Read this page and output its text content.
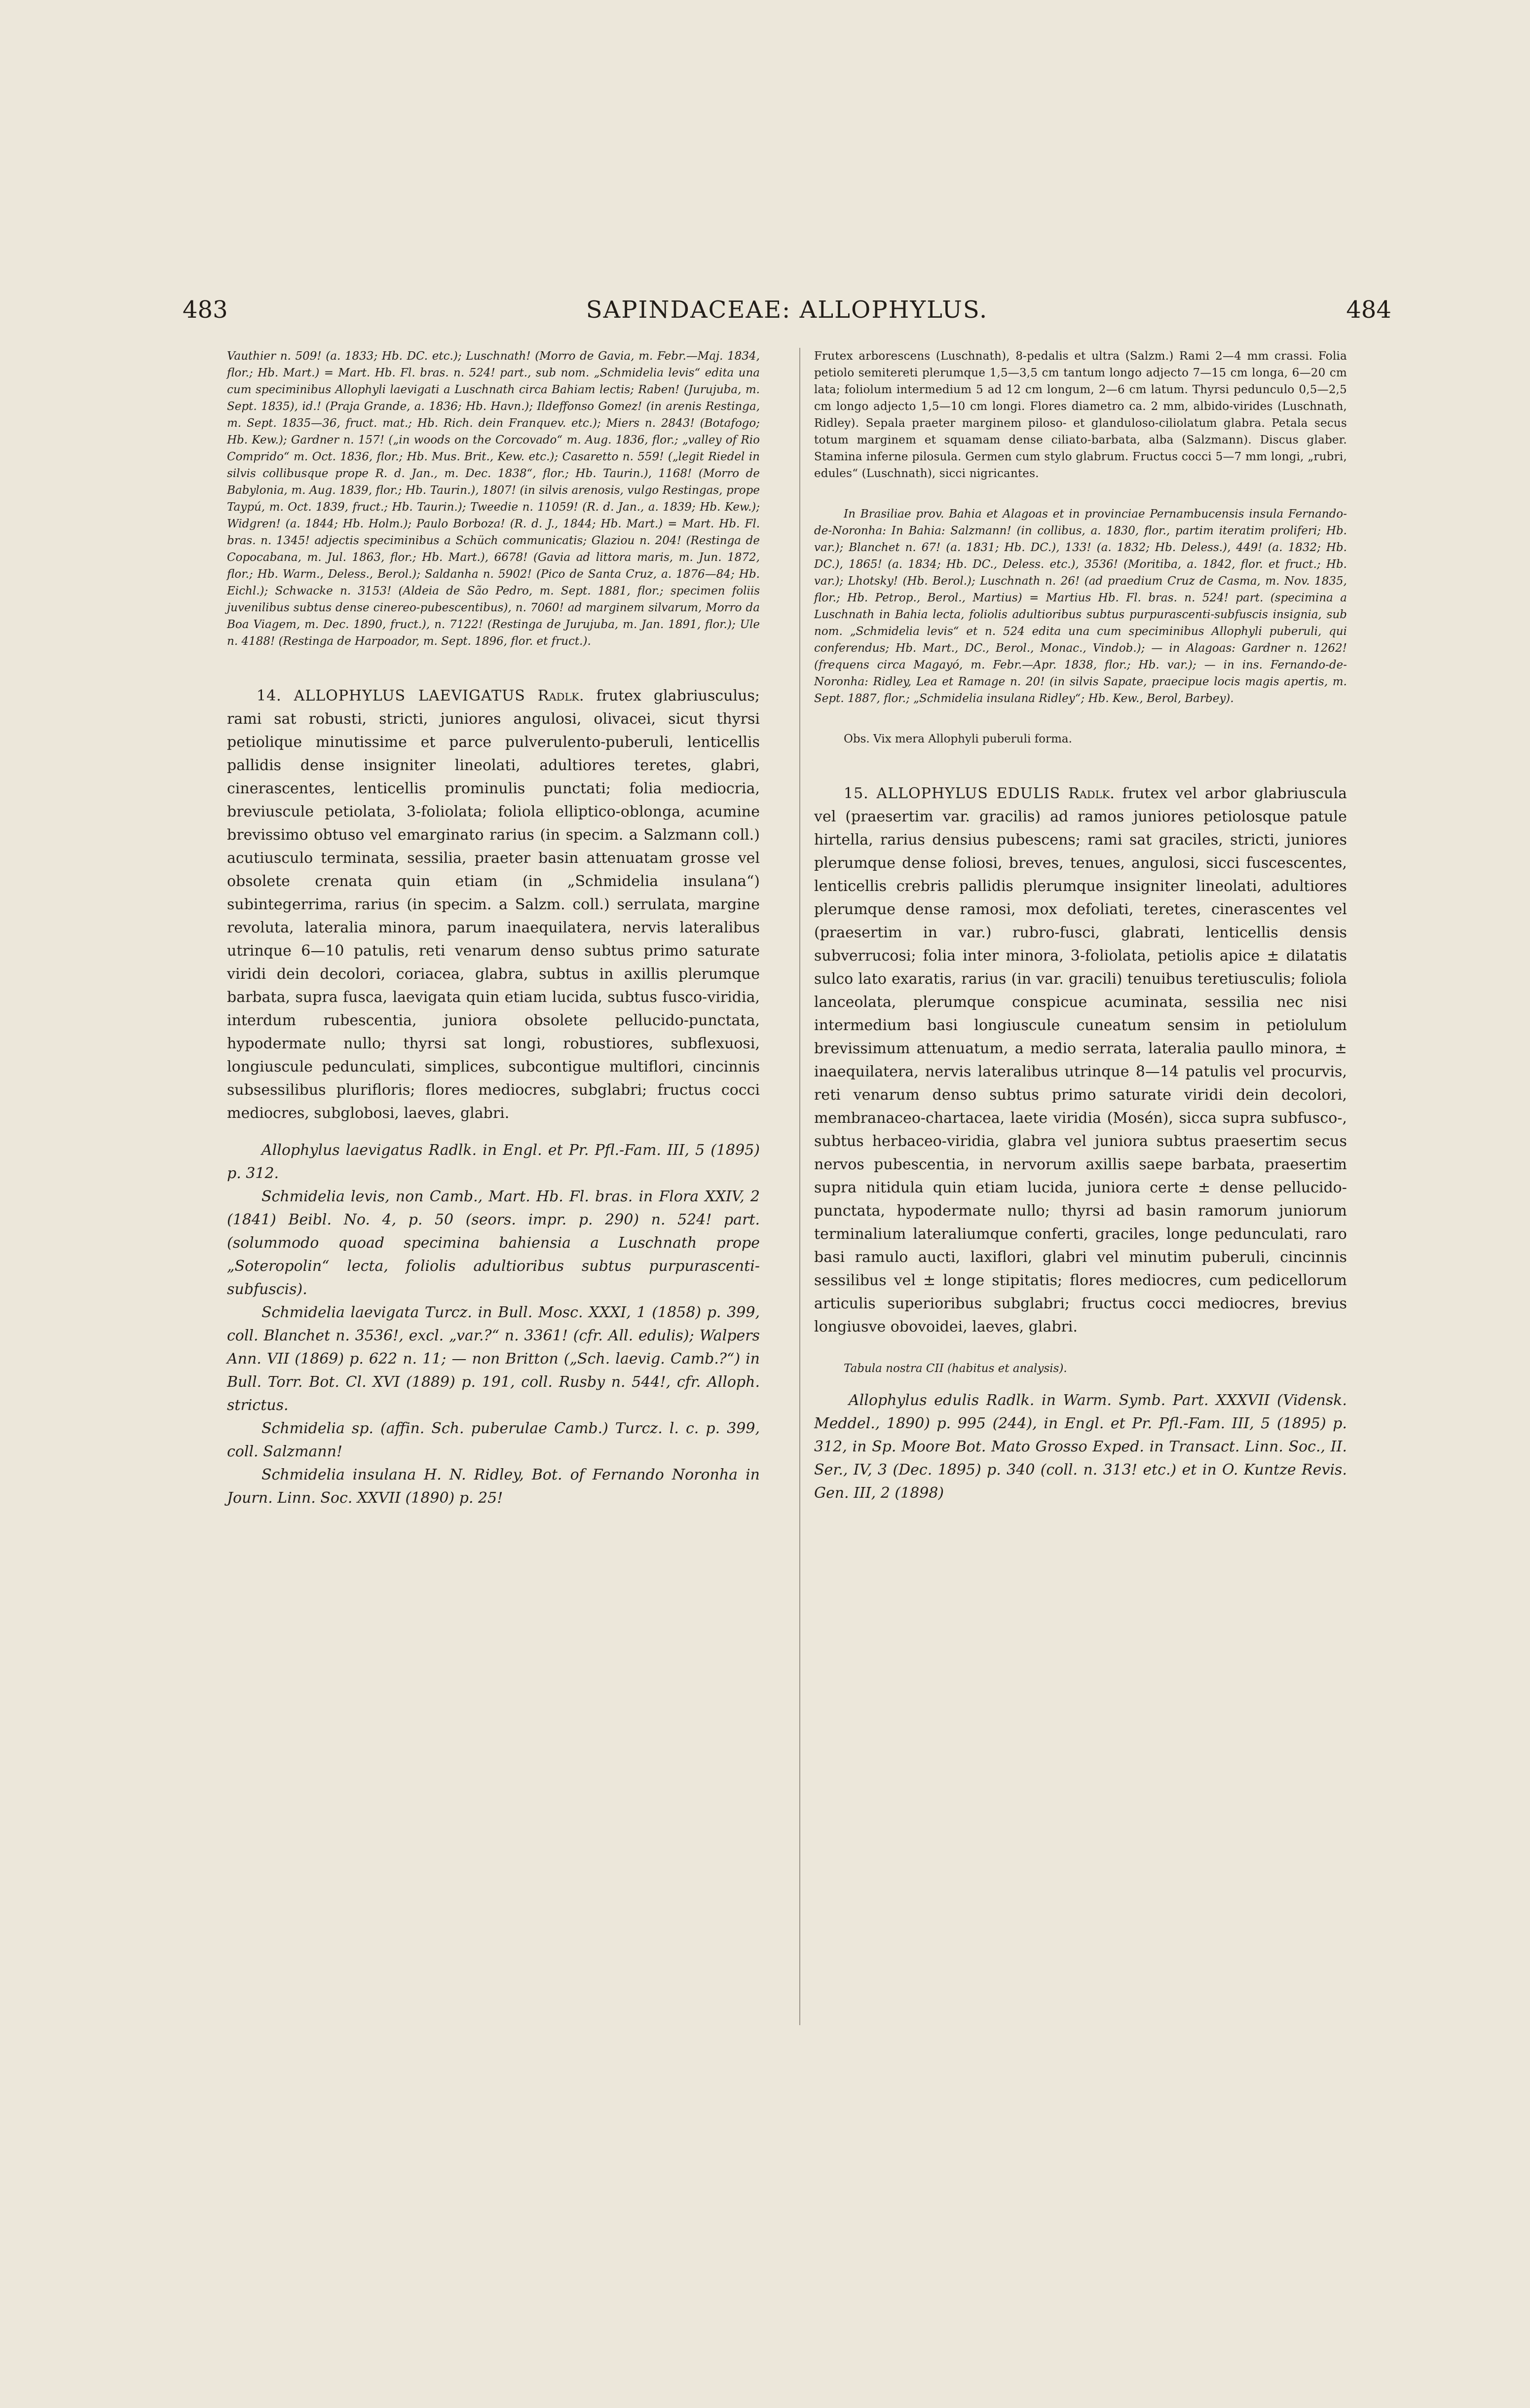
483	SAPINDACEAE: ALLOPHYLUS.	484

Vauthier n. 509! (a. 1833; Hb. DC. etc.); Luschnath! (Morro de Gavia, m. Febr.—Maj. 1834, flor.; Hb. Mart.) = Mart. Hb. Fl. bras. n. 524! part., sub nom. „Schmidelia levis“ edita una cum speciminibus Allophyli laevigati a Luschnath circa Bahiam lectis; Raben! (Jurujuba, m. Sept. 1835), id.! (Praja Grande, a. 1836; Hb. Havn.); Ildeffonso Gomez! (in arenis Restinga, m. Sept. 1835—36, fruct. mat.; Hb. Rich. dein Franquev. etc.); Miers n. 2843! (Botafogo; Hb. Kew.); Gardner n. 157! („in woods on the Corcovado“ m. Aug. 1836, flor.; „valley of Rio Comprido“ m. Oct. 1836, flor.; Hb. Mus. Brit., Kew. etc.); Casaretto n. 559! („legit Riedel in silvis collibusque prope R. d. Jan., m. Dec. 1838“, flor.; Hb. Taurin.), 1168! (Morro de Babylonia, m. Aug. 1839, flor.; Hb. Taurin.), 1807! (in silvis arenosis, vulgo Restingas, prope Taypú, m. Oct. 1839, fruct.; Hb. Taurin.); Tweedie n. 11059! (R. d. Jan., a. 1839; Hb. Kew.); Widgren! (a. 1844; Hb. Holm.); Paulo Borboza! (R. d. J., 1844; Hb. Mart.) = Mart. Hb. Fl. bras. n. 1345! adjectis speciminibus a Schüch communicatis; Glaziou n. 204! (Restinga de Copocabana, m. Jul. 1863, flor.; Hb. Mart.), 6678! (Gavia ad littora maris, m. Jun. 1872, flor.; Hb. Warm., Deless., Berol.); Saldanha n. 5902! (Pico de Santa Cruz, a. 1876—84; Hb. Eichl.); Schwacke n. 3153! (Aldeia de São Pedro, m. Sept. 1881, flor.; specimen foliis juvenilibus subtus dense cinereo-pubescentibus), n. 7060! ad marginem silvarum, Morro da Boa Viagem, m. Dec. 1890, fruct.), n. 7122! (Restinga de Jurujuba, m. Jan. 1891, flor.); Ule n. 4188! (Restinga de Harpoador, m. Sept. 1896, flor. et fruct.).

14. ALLOPHYLUS LAEVIGATUS Radlk. frutex glabriusculus; rami sat robusti, stricti, juniores angulosi, olivacei, sicut thyrsi petiolique minutissime et parce pulverulento-puberuli, lenticellis pallidis dense insigniter lineolati, adultiores teretes, glabri, cinerascentes, lenticellis prominulis punctati; folia mediocria, breviuscule petiolata, 3-foliolata; foliola elliptico-oblonga, acumine brevissimo obtuso vel emarginato rarius (in specim. a Salzmann coll.) acutiusculo terminata, sessilia, praeter basin attenuatam grosse vel obsolete crenata quin etiam (in „Schmidelia insulana“) subintegerrima, rarius (in specim. a Salzm. coll.) serrulata, margine revoluta, lateralia minora, parum inaequilatera, nervis lateralibus utrinque 6—10 patulis, reti venarum denso subtus primo saturate viridi dein decolori, coriacea, glabra, subtus in axillis plerumque barbata, supra fusca, laevigata quin etiam lucida, subtus fusco-viridia, interdum rubescentia, juniora obsolete pellucido-punctata, hypodermate nullo; thyrsi sat longi, robustiores, subflexuosi, longiuscule pedunculati, simplices, subcontigue multiflori, cincinnis subsessilibus plurifloris; flores mediocres, subglabri; fructus cocci mediocres, subglobosi, laeves, glabri.

Allophylus laevigatus Radlk. in Engl. et Pr. Pfl.-Fam. III, 5 (1895) p. 312.

Schmidelia levis, non Camb., Mart. Hb. Fl. bras. in Flora XXIV, 2 (1841) Beibl. No. 4, p. 50 (seors. impr. p. 290) n. 524! part. (solummodo quoad specimina bahiensia a Luschnath prope „Soteropolin“ lecta, foliolis adultioribus subtus purpurascenti-subfuscis).

Schmidelia laevigata Turcz. in Bull. Mosc. XXXI, 1 (1858) p. 399, coll. Blanchet n. 3536!, excl. „var.?“ n. 3361! (cfr. All. edulis); Walpers Ann. VII (1869) p. 622 n. 11; — non Britton („Sch. laevig. Camb.?“) in Bull. Torr. Bot. Cl. XVI (1889) p. 191, coll. Rusby n. 544!, cfr. Alloph. strictus.

Schmidelia sp. (affin. Sch. puberulae Camb.) Turcz. l. c. p. 399, coll. Salzmann!

Schmidelia insulana H. N. Ridley, Bot. of Fernando Noronha in Journ. Linn. Soc. XXVII (1890) p. 25!

Frutex arborescens (Luschnath), 8-pedalis et ultra (Salzm.) Rami 2—4 mm crassi. Folia petiolo semitereti plerumque 1,5—3,5 cm tantum longo adjecto 7—15 cm longa, 6—20 cm lata; foliolum intermedium 5 ad 12 cm longum, 2—6 cm latum. Thyrsi pedunculo 0,5—2,5 cm longo adjecto 1,5—10 cm longi. Flores diametro ca. 2 mm, albido-virides (Luschnath, Ridley). Sepala praeter marginem piloso- et glanduloso-ciliolatum glabra. Petala secus totum marginem et squamam dense ciliato-barbata, alba (Salzmann). Discus glaber. Stamina inferne pilosula. Germen cum stylo glabrum. Fructus cocci 5—7 mm longi, „rubri, edules“ (Luschnath), sicci nigricantes.

In Brasiliae prov. Bahia et Alagoas et in provinciae Pernambucensis insula Fernando-de-Noronha: In Bahia: Salzmann! (in collibus, a. 1830, flor., partim iteratim proliferi; Hb. var.); Blanchet n. 67! (a. 1831; Hb. DC.), 133! (a. 1832; Hb. Deless.), 449! (a. 1832; Hb. DC.), 1865! (a. 1834; Hb. DC., Deless. etc.), 3536! (Moritiba, a. 1842, flor. et fruct.; Hb. var.); Lhotsky! (Hb. Berol.); Luschnath n. 26! (ad praedium Cruz de Casma, m. Nov. 1835, flor.; Hb. Petrop., Berol., Martius) = Martius Hb. Fl. bras. n. 524! part. (specimina a Luschnath in Bahia lecta, foliolis adultioribus subtus purpurascenti-subfuscis insignia, sub nom. „Schmidelia levis“ et n. 524 edita una cum speciminibus Allophyli puberuli, qui conferendus; Hb. Mart., DC., Berol., Monac., Vindob.); — in Alagoas: Gardner n. 1262! (frequens circa Magayó, m. Febr.—Apr. 1838, flor.; Hb. var.); — in ins. Fernando-de-Noronha: Ridley, Lea et Ramage n. 20! (in silvis Sapate, praecipue locis magis apertis, m. Sept. 1887, flor.; „Schmidelia insulana Ridley“; Hb. Kew., Berol, Barbey).

Obs. Vix mera Allophyli puberuli forma.

15. ALLOPHYLUS EDULIS Radlk. frutex vel arbor glabriuscula vel (praesertim var. gracilis) ad ramos juniores petiolosque patule hirtella, rarius densius pubescens; rami sat graciles, stricti, juniores plerumque dense foliosi, breves, tenues, angulosi, sicci fuscescentes, lenticellis crebris pallidis plerumque insigniter lineolati, adultiores plerumque dense ramosi, mox defoliati, teretes, cinerascentes vel (praesertim in var.) rubro-fusci, glabrati, lenticellis densis subverrucosi; folia inter minora, 3-foliolata, petiolis apice ± dilatatis sulco lato exaratis, rarius (in var. gracili) tenuibus teretiusculis; foliola lanceolata, plerumque conspicue acuminata, sessilia nec nisi intermedium basi longiuscule cuneatum sensim in petiolulum brevissimum attenuatum, a medio serrata, lateralia paullo minora, ± inaequilatera, nervis lateralibus utrinque 8—14 patulis vel procurvis, reti venarum denso subtus primo saturate viridi dein decolori, membranaceo-chartacea, laete viridia (Mosén), sicca supra subfusco-, subtus herbaceo-viridia, glabra vel juniora subtus praesertim secus nervos pubescentia, in nervorum axillis saepe barbata, praesertim supra nitidula quin etiam lucida, juniora certe ± dense pellucido-punctata, hypodermate nullo; thyrsi ad basin ramorum juniorum terminalium lateraliumque conferti, graciles, longe pedunculati, raro basi ramulo aucti, laxiflori, glabri vel minutim puberuli, cincinnis sessilibus vel ± longe stipitatis; flores mediocres, cum pedicellorum articulis superioribus subglabri; fructus cocci mediocres, brevius longiusve obovoidei, laeves, glabri.

Tabula nostra CII (habitus et analysis).

Allophylus edulis Radlk. in Warm. Symb. Part. XXXVII (Vidensk. Meddel., 1890) p. 995 (244), in Engl. et Pr. Pfl.-Fam. III, 5 (1895) p. 312, in Sp. Moore Bot. Mato Grosso Exped. in Transact. Linn. Soc., II. Ser., IV, 3 (Dec. 1895) p. 340 (coll. n. 313! etc.) et in O. Kuntze Revis. Gen. III, 2 (1898)
